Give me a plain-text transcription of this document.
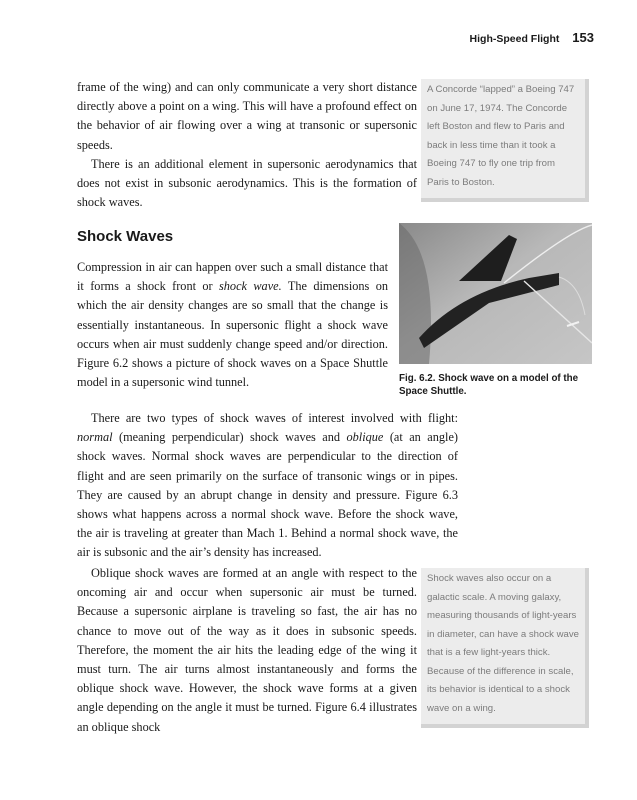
High-Speed Flight 153

frame of the wing) and can only communicate a very short distance directly above a point on a wing. This will have a profound effect on the behavior of air flowing over a wing at transonic or supersonic speeds.

There is an additional element in supersonic aerodynamics that does not exist in subsonic aerodynamics. This is the formation of shock waves.

A Concorde “lapped” a Boeing 747 on June 17, 1974. The Concorde left Boston and flew to Paris and back in less time than it took a Boeing 747 to fly one trip from Paris to Boston.
Shock Waves
Fig. 6.2. Shock wave on a model of the Space Shuttle.

Compression in air can happen over such a small distance that it forms a shock front or shock wave. The dimensions on which the air density changes are so small that the change is essentially instantaneous. In supersonic flight a shock wave occurs when air must suddenly change speed and/or direction. Figure 6.2 shows a picture of shock waves on a Space Shuttle model in a supersonic wind tunnel.

There are two types of shock waves of interest involved with flight: normal (meaning perpendicular) shock waves and oblique (at an angle) shock waves. Normal shock waves are perpendicular to the direction of flight and are seen primarily on the surface of transonic wings or in pipes. They are caused by an abrupt change in density and pressure. Figure 6.3 shows what happens across a normal shock wave. Before the shock wave, the air is traveling at greater than Mach 1. Behind a normal shock wave, the air is subsonic and the air’s density has increased.

Oblique shock waves are formed at an angle with respect to the oncoming air and occur when supersonic air must be turned. Because a supersonic airplane is traveling so fast, the air has no chance to move out of the way as it does in subsonic speeds. Therefore, the moment the air hits the leading edge of the wing it must turn. The air turns almost instantaneously and forms the oblique shock wave. However, the shock wave forms at a given angle depending on the angle it must be turned. Figure 6.4 illustrates an oblique shock

Shock waves also occur on a galactic scale. A moving galaxy, measuring thousands of light-years in diameter, can have a shock wave that is a few light-years thick. Because of the difference in scale, its behavior is identical to a shock wave on a wing.
